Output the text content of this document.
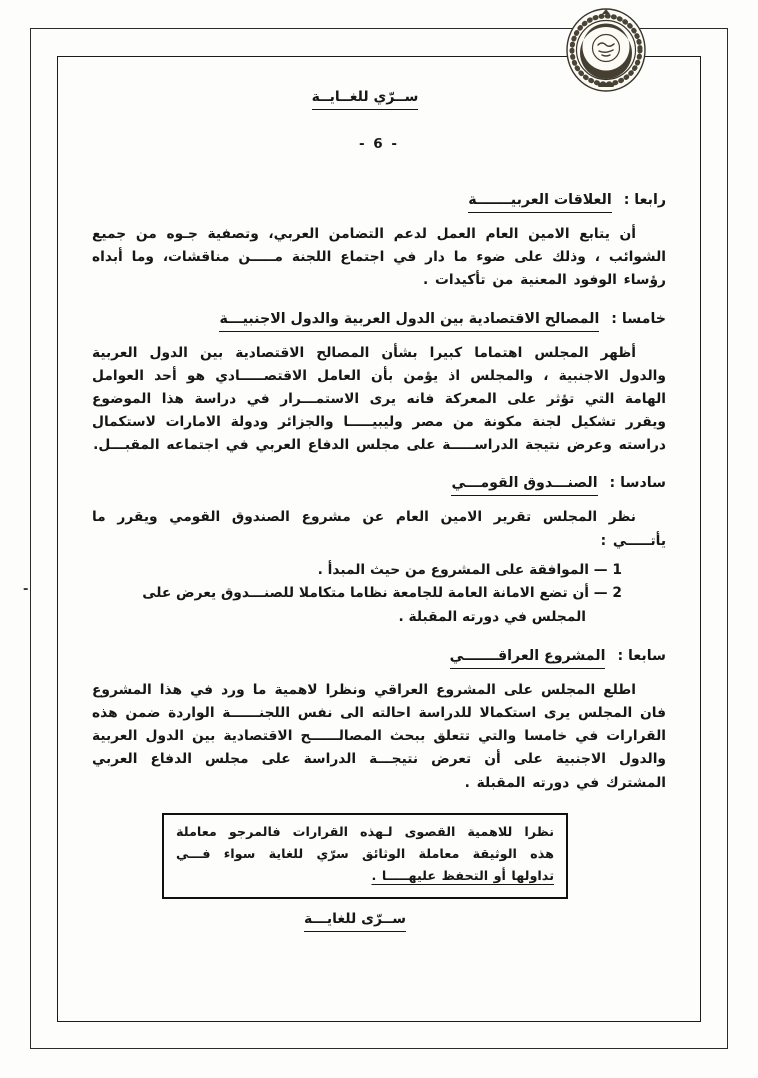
ســرّي للغــايــة
- 6 -
رابعا : العلاقات العربيـــــــة

أن يتابع الامين العام العمل لدعم التضامن العربي، وتصفية جـوه من جميع الشوائب ، وذلك على ضوء ما دار في اجتماع اللجنة مـــــن مناقشات، وما أبداه رؤساء الوفود المعنية من تأكيدات .

خامسا : المصالح الاقتصادية بين الدول العربية والدول الاجنبيـــة

أظهر المجلس اهتماما كبيرا بشأن المصالح الاقتصادية بين الدول العربية والدول الاجنبية ، والمجلس اذ يؤمن بأن العامل الاقتصـــــادي هو أحد العوامل الهامة التي تؤثر على المعركة فانه يرى الاستمـــرار في دراسة هذا الموضوع ويقرر تشكيل لجنة مكونة من مصر وليبيـــــا والجزائر ودولة الامارات لاستكمال دراسته وعرض نتيجة الدراســـــة على مجلس الدفاع العربي في اجتماعه المقبـــل.

سادسا : الصنـــدوق القومـــي

نظر المجلس تقرير الامين العام عن مشروع الصندوق القومي ويقرر ما يأتـــــي :

1 — الموافقة على المشروع من حيث المبدأ .
2 — أن تضع الامانة العامة للجامعة نظاما متكاملا للصنـــدوق يعرض على المجلس في دورته المقبلة .
سابعا : المشروع العراقـــــــي

اطلع المجلس على المشروع العراقي ونظرا لاهمية ما ورد في هذا المشروع فان المجلس يرى استكمالا للدراسة احالته الى نفس اللجنــــــة الواردة ضمن هذه القرارات في خامسا والتي تتعلق ببحث المصالــــــح الاقتصادية بين الدول العربية والدول الاجنبية على أن تعرض نتيجـــة الدراسة على مجلس الدفاع العربي المشترك في دورته المقبلة .

نظرا للاهمية القصوى لـهذه القرارات فالمرجو معاملة
هذه الوثيقة معاملة الوثائق سرّي للغاية سواء فـــي
تداولها أو التحفظ عليهـــــا .
ســرّى للغايـــة
-
